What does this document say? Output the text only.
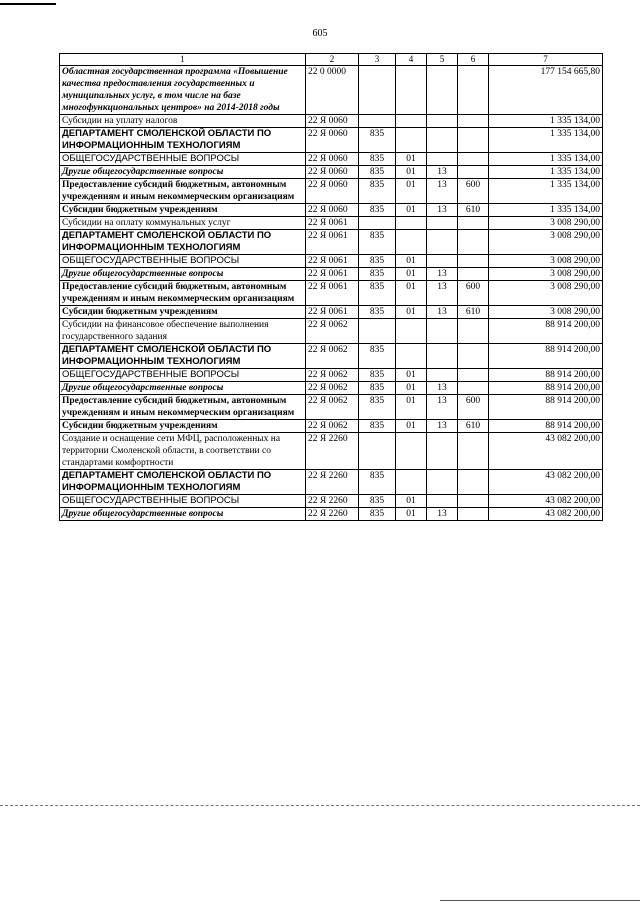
605
1	2	3	4	5	6	7
Областная государственная программа «Повышение качества предоставления государственных и муниципальных услуг, в том числе на базе многофункциональных центров» на 2014-2018 годы	22 0 0000					177 154 665,80
Субсидии на уплату налогов	22 Я 0060					1 335 134,00
ДЕПАРТАМЕНТ СМОЛЕНСКОЙ ОБЛАСТИ ПО ИНФОРМАЦИОННЫМ ТЕХНОЛОГИЯМ	22 Я 0060	835				1 335 134,00
ОБЩЕГОСУДАРСТВЕННЫЕ ВОПРОСЫ	22 Я 0060	835	01			1 335 134,00
Другие общегосударственные вопросы	22 Я 0060	835	01	13		1 335 134,00
Предоставление субсидий бюджетным, автономным учреждениям и иным некоммерческим организациям	22 Я 0060	835	01	13	600	1 335 134,00
Субсидии бюджетным учреждениям	22 Я 0060	835	01	13	610	1 335 134,00
Субсидии на оплату коммунальных услуг	22 Я 0061					3 008 290,00
ДЕПАРТАМЕНТ СМОЛЕНСКОЙ ОБЛАСТИ ПО ИНФОРМАЦИОННЫМ ТЕХНОЛОГИЯМ	22 Я 0061	835				3 008 290,00
ОБЩЕГОСУДАРСТВЕННЫЕ ВОПРОСЫ	22 Я 0061	835	01			3 008 290,00
Другие общегосударственные вопросы	22 Я 0061	835	01	13		3 008 290,00
Предоставление субсидий бюджетным, автономным учреждениям и иным некоммерческим организациям	22 Я 0061	835	01	13	600	3 008 290,00
Субсидии бюджетным учреждениям	22 Я 0061	835	01	13	610	3 008 290,00
Субсидии на финансовое обеспечение выполнения государственного задания	22 Я 0062					88 914 200,00
ДЕПАРТАМЕНТ СМОЛЕНСКОЙ ОБЛАСТИ ПО ИНФОРМАЦИОННЫМ ТЕХНОЛОГИЯМ	22 Я 0062	835				88 914 200,00
ОБЩЕГОСУДАРСТВЕННЫЕ ВОПРОСЫ	22 Я 0062	835	01			88 914 200,00
Другие общегосударственные вопросы	22 Я 0062	835	01	13		88 914 200,00
Предоставление субсидий бюджетным, автономным учреждениям и иным некоммерческим организациям	22 Я 0062	835	01	13	600	88 914 200,00
Субсидии бюджетным учреждениям	22 Я 0062	835	01	13	610	88 914 200,00
Создание и оснащение сети МФЦ, расположенных на территории Смоленской области, в соответствии со стандартами комфортности	22 Я 2260					43 082 200,00
ДЕПАРТАМЕНТ СМОЛЕНСКОЙ ОБЛАСТИ ПО ИНФОРМАЦИОННЫМ ТЕХНОЛОГИЯМ	22 Я 2260	835				43 082 200,00
ОБЩЕГОСУДАРСТВЕННЫЕ ВОПРОСЫ	22 Я 2260	835	01			43 082 200,00
Другие общегосударственные вопросы	22 Я 2260	835	01	13		43 082 200,00
